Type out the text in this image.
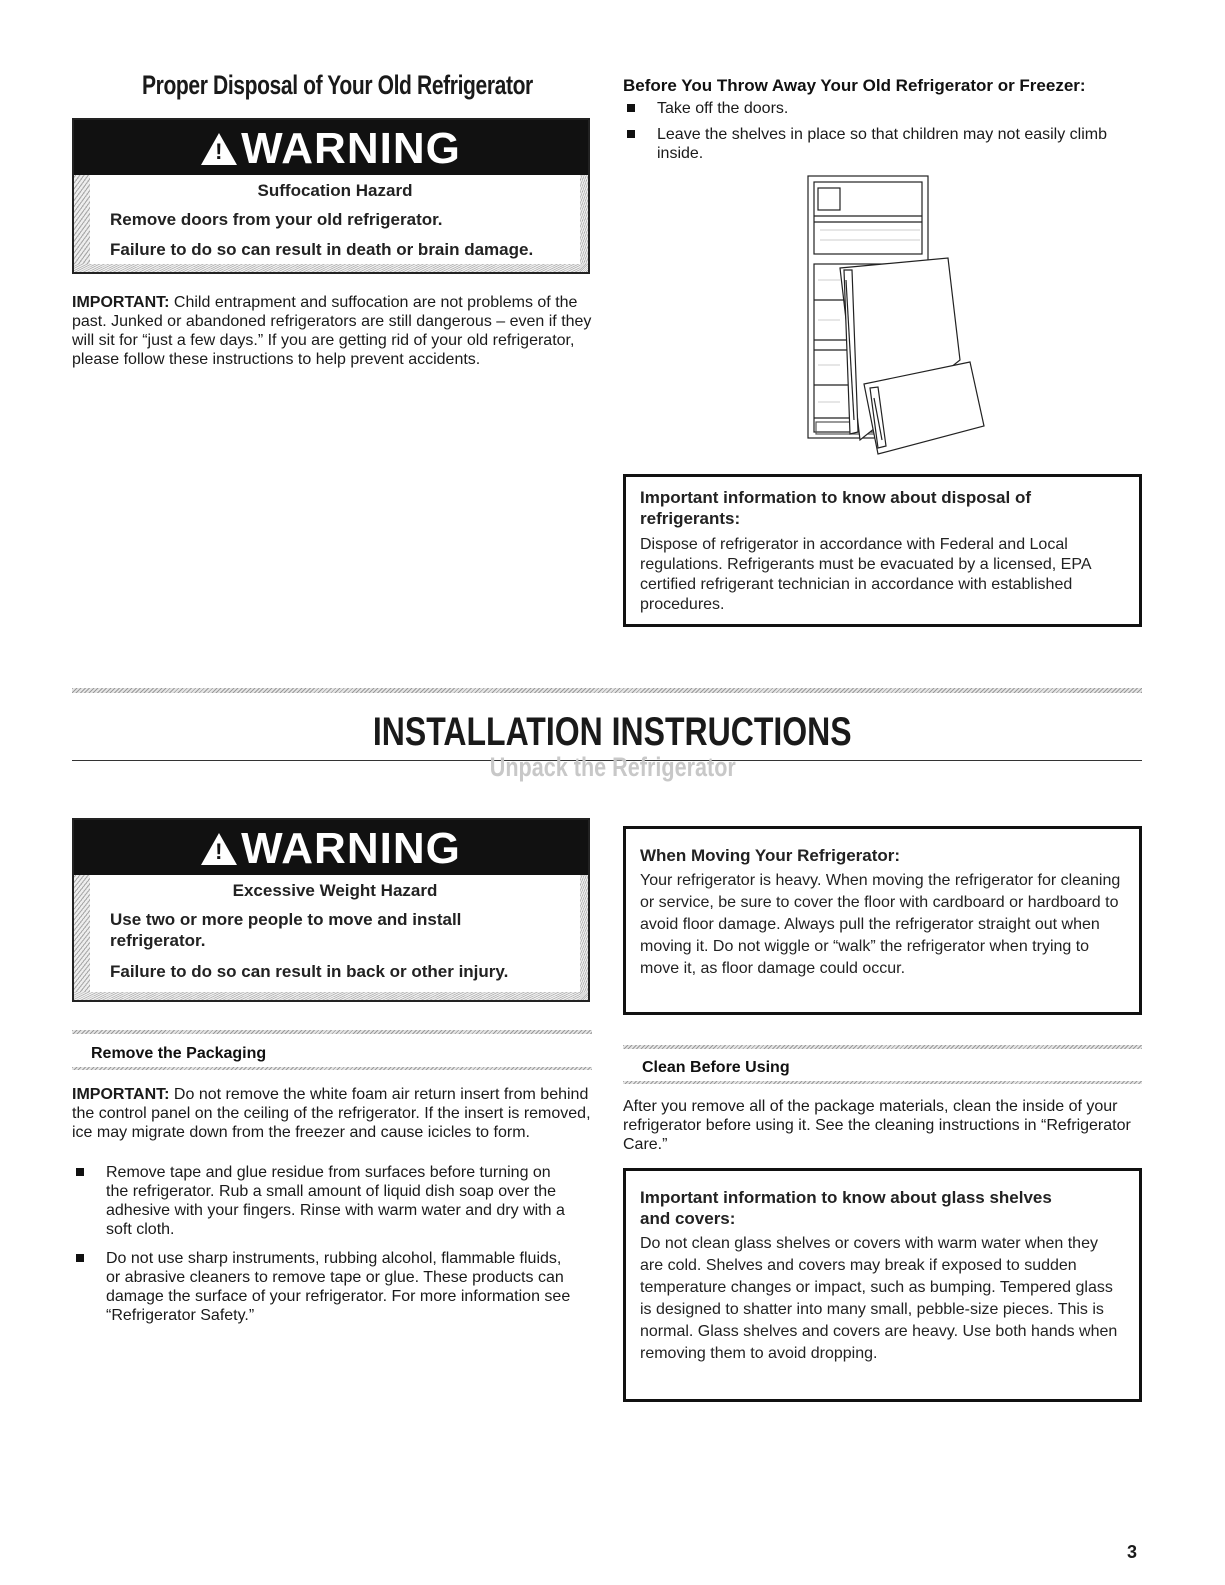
Proper Disposal of Your Old Refrigerator
!WARNING
Suffocation Hazard
Remove doors from your old refrigerator.
Failure to do so can result in death or brain damage.
IMPORTANT: Child entrapment and suffocation are not problems of the past. Junked or abandoned refrigerators are still dangerous – even if they will sit for “just a few days.” If you are getting rid of your old refrigerator, please follow these instructions to help prevent accidents.
Before You Throw Away Your Old Refrigerator or Freezer:
Take off the doors.
Leave the shelves in place so that children may not easily climb inside.
Important information to know about disposal of refrigerants:
Dispose of refrigerator in accordance with Federal and Local regulations. Refrigerants must be evacuated by a licensed, EPA certified refrigerant technician in accordance with established procedures.
INSTALLATION INSTRUCTIONS
Unpack the Refrigerator
!WARNING
Excessive Weight Hazard
Use two or more people to move and install refrigerator.
Failure to do so can result in back or other injury.
Remove the Packaging
IMPORTANT: Do not remove the white foam air return insert from behind the control panel on the ceiling of the refrigerator. If the insert is removed, ice may migrate down from the freezer and cause icicles to form.
Remove tape and glue residue from surfaces before turning on the refrigerator. Rub a small amount of liquid dish soap over the adhesive with your fingers. Rinse with warm water and dry with a soft cloth.
Do not use sharp instruments, rubbing alcohol, flammable fluids, or abrasive cleaners to remove tape or glue. These products can damage the surface of your refrigerator. For more information see “Refrigerator Safety.”
When Moving Your Refrigerator:
Your refrigerator is heavy. When moving the refrigerator for cleaning or service, be sure to cover the floor with cardboard or hardboard to avoid floor damage. Always pull the refrigerator straight out when moving it. Do not wiggle or “walk” the refrigerator when trying to move it, as floor damage could occur.
Clean Before Using
After you remove all of the package materials, clean the inside of your refrigerator before using it. See the cleaning instructions in “Refrigerator Care.”
Important information to know about glass shelves and covers:
Do not clean glass shelves or covers with warm water when they are cold. Shelves and covers may break if exposed to sudden temperature changes or impact, such as bumping. Tempered glass is designed to shatter into many small, pebble-size pieces. This is normal. Glass shelves and covers are heavy. Use both hands when removing them to avoid dropping.
3
